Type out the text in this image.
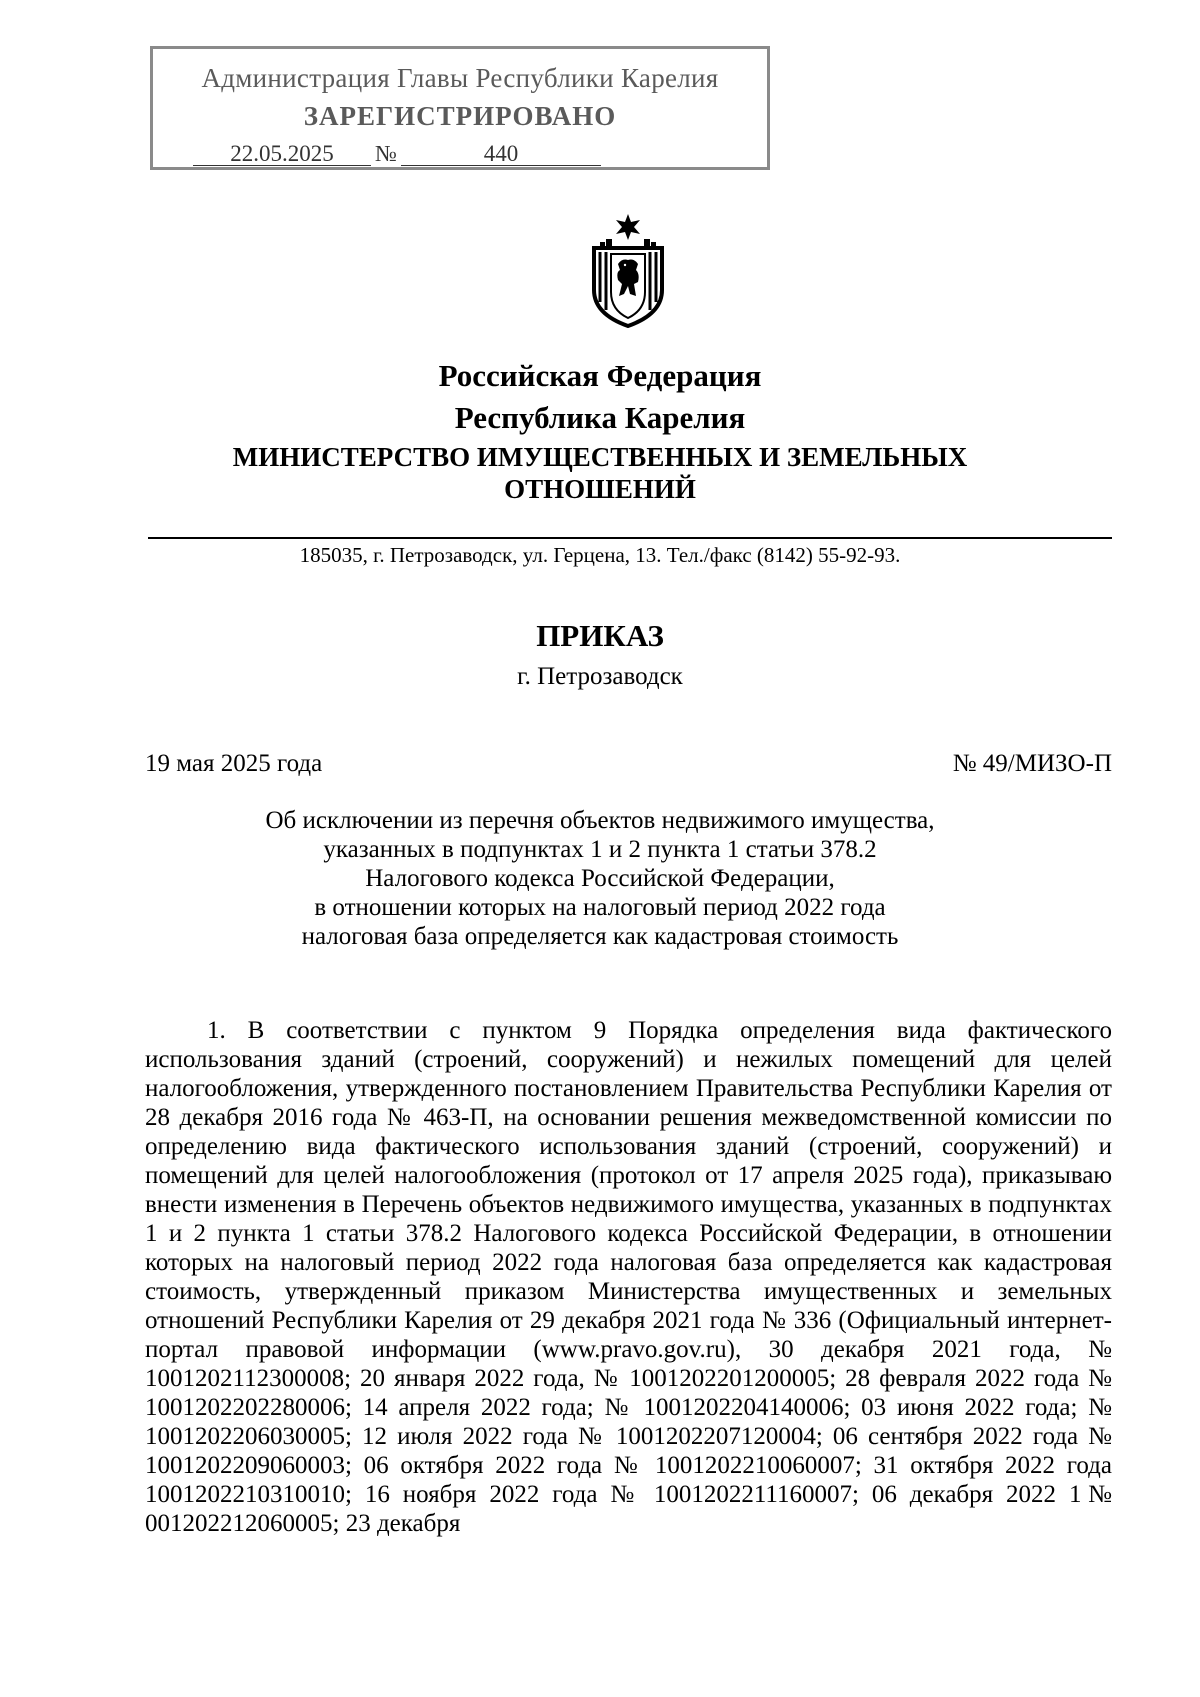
Администрация Главы Республики Карелия
ЗАРЕГИСТРИРОВАНО
22.05.2025	№	440
Российская Федерация
Республика Карелия
МИНИСТЕРСТВО ИМУЩЕСТВЕННЫХ И ЗЕМЕЛЬНЫХ
ОТНОШЕНИЙ
185035, г. Петрозаводск, ул. Герцена, 13. Тел./факс (8142) 55-92-93.
ПРИКАЗ
г. Петрозаводск
19 мая 2025 года	№ 49/МИЗО-П
Об исключении из перечня объектов недвижимого имущества,
указанных в подпунктах 1 и 2 пункта 1 статьи 378.2
Налогового кодекса Российской Федерации,
в отношении которых на налоговый период 2022 года
налоговая база определяется как кадастровая стоимость

1. В соответствии с пунктом 9 Порядка определения вида фактического использования зданий (строений, сооружений) и нежилых помещений для целей налогообложения, утвержденного постановлением Правительства Республики Карелия от 28 декабря 2016 года № 463-П, на основании решения межведомственной комиссии по определению вида фактического использования зданий (строений, сооружений) и помещений для целей налогообложения (протокол от 17 апреля 2025 года), приказываю внести изменения в Перечень объектов недвижимого имущества, указанных в подпунктах 1 и 2 пункта 1 статьи 378.2 Налогового кодекса Российской Федерации, в отношении которых на налоговый период 2022 года налоговая база определяется как кадастровая стоимость, утвержденный приказом Министерства имущественных и земельных отношений Республики Карелия от 29 декабря 2021 года № 336 (Официальный интернет-портал правовой информации (www.pravo.gov.ru), 30 декабря 2021 года, № 1001202112300008; 20 января 2022 года, № 1001202201200005; 28 февраля 2022 года № 1001202202280006; 14 апреля 2022 года; № 1001202204140006; 03 июня 2022 года; № 1001202206030005; 12 июля 2022 года № 1001202207120004; 06 сентября 2022 года № 1001202209060003; 06 октября 2022 года № 1001202210060007; 31 октября 2022 года 1001202210310010; 16 ноября 2022 года № 1001202211160007; 06 декабря 2022 1№ 001202212060005; 23 декабря
